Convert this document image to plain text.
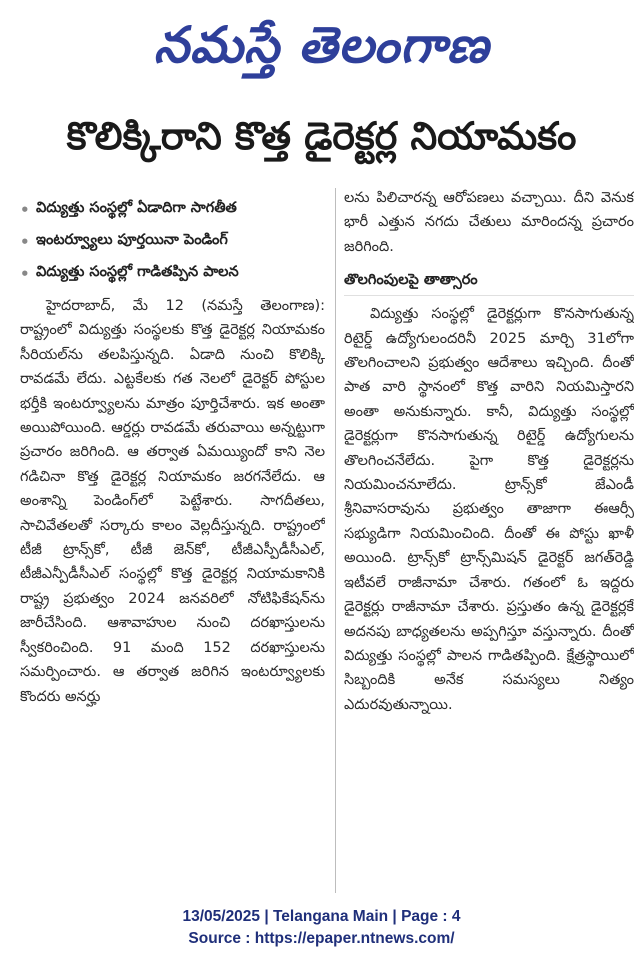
నమస్తే తెలంగాణ
కొలిక్కిరాని కొత్త డైరెక్టర్ల నియామకం
• విద్యుత్తు సంస్థల్లో ఏడాదిగా సాగతీత
• ఇంటర్వ్యూలు పూర్తయినా పెండింగ్
• విద్యుత్తు సంస్థల్లో గాడితప్పిన పాలన

హైదరాబాద్, మే 12 (నమస్తే తెలంగాణ): రాష్ట్రంలో విద్యుత్తు సంస్థలకు కొత్త డైరెక్టర్ల నియామకం సీరియల్‌ను తలపిస్తున్నది. ఏడాది నుంచి కొలిక్కి రావడమే లేదు. ఎట్టకేలకు గత నెలలో డైరెక్టర్ పోస్టుల భర్తీకి ఇంటర్వ్యూలను మాత్రం పూర్తిచేశారు. ఇక అంతా అయిపోయింది. ఆర్డర్లు రావడమే తరువాయి అన్నట్టుగా ప్రచారం జరిగింది. ఆ తర్వాత ఏమయ్యిందో కాని నెల గడిచినా కొత్త డైరెక్టర్ల నియామకం జరగనేలేదు. ఆ అంశాన్ని పెండింగ్‌లో పెట్టేశారు. సాగదీతలు, సాచివేతలతో సర్కారు కాలం వెల్లదీస్తున్నది. రాష్ట్రంలో టీజీ ట్రాన్స్‌కో, టీజీ జెన్‌కో, టీజీఎస్పీడీసీఎల్, టీజీఎన్పీడీసీఎల్ సంస్థల్లో కొత్త డైరెక్టర్ల నియామకానికి రాష్ట్ర ప్రభుత్వం 2024 జనవరిలో నోటిఫికేషన్‌ను జారీచేసింది. ఆశావాహుల నుంచి దరఖాస్తులను స్వీకరించింది. 91 మంది 152 దరఖాస్తులను సమర్పించారు. ఆ తర్వాత జరిగిన ఇంటర్వ్యూలకు కొందరు అనర్హు

లను పిలిచారన్న ఆరోపణలు వచ్చాయి. దీని వెనుక భారీ ఎత్తున నగదు చేతులు మారిందన్న ప్రచారం జరిగింది.

తొలగింపులపై తాత్సారం

విద్యుత్తు సంస్థల్లో డైరెక్టర్లుగా కొనసాగుతున్న రిటైర్డ్ ఉద్యోగులందరినీ 2025 మార్చి 31లోగా తొలగించాలని ప్రభుత్వం ఆదేశాలు ఇచ్చింది. దీంతో పాత వారి స్థానంలో కొత్త వారిని నియమిస్తారని అంతా అనుకున్నారు. కానీ, విద్యుత్తు సంస్థల్లో డైరెక్టర్లుగా కొనసాగుతున్న రిటైర్డ్ ఉద్యోగులను తొలగించనేలేదు. పైగా కొత్త డైరెక్టర్లను నియమించనూలేదు. ట్రాన్స్‌కో జేఎండీ శ్రీనివాసరావును ప్రభుత్వం తాజాగా ఈఆర్సీ సభ్యుడిగా నియమించింది. దీంతో ఈ పోస్టు ఖాళీ అయింది. ట్రాన్స్‌కో ట్రాన్స్‌మిషన్ డైరెక్టర్ జగత్‌రెడ్డి ఇటీవలే రాజీనామా చేశారు. గతంలో ఓ ఇద్దరు డైరెక్టర్లు రాజీనామా చేశారు. ప్రస్తుతం ఉన్న డైరెక్టర్లకే అదనపు బాధ్యతలను అప్పగిస్తూ వస్తున్నారు. దీంతో విద్యుత్తు సంస్థల్లో పాలన గాడితప్పింది. క్షేత్రస్థాయిలో సిబ్బందికి అనేక సమస్యలు నిత్యం ఎదురవుతున్నాయి.

13/05/2025 | Telangana Main | Page : 4
Source : https://epaper.ntnews.com/
